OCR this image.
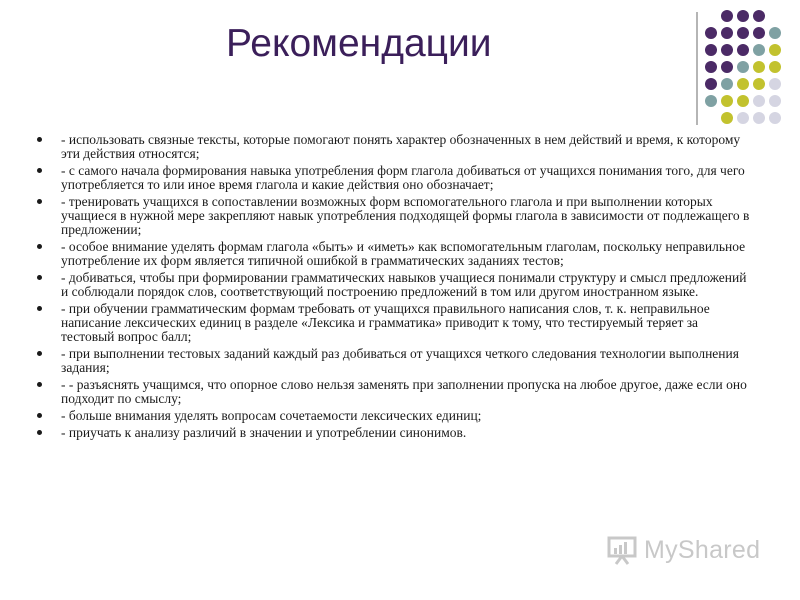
Рекомендации
- использовать связные тексты, которые помогают понять характер обозначенных в нем действий и время, к которому эти действия относятся;
- с самого начала формирования навыка употребления форм глагола добиваться от учащихся понимания того, для чего употребляется то или иное время глагола и какие действия оно обозначает;
- тренировать учащихся в сопоставлении возможных форм вспомогательного глагола и при выполнении которых учащиеся в нужной мере закрепляют навык употребления подходящей формы глагола в зависимости от подлежащего в предложении;
- особое внимание уделять формам глагола «быть» и «иметь» как вспомогательным глаголам, поскольку неправильное употребление их форм является типичной ошибкой в грамматических заданиях тестов;
- добиваться, чтобы при формировании грамматических навыков учащиеся понимали структуру и смысл предложений и соблюдали порядок слов, соответствующий построению предложений в том или другом иностранном языке.
- при обучении грамматическим формам требовать от учащихся правильного написания слов, т. к. неправильное написание лексических единиц в разделе «Лексика и грамматика» приводит к тому, что тестируемый теряет за тестовый вопрос балл;
- при выполнении тестовых заданий каждый раз добиваться от учащихся четкого следования технологии выполнения задания;
- - разъяснять учащимся, что опорное слово нельзя заменять при заполнении пропуска на любое другое, даже если оно подходит по смыслу;
- больше внимания уделять вопросам сочетаемости лексических единиц;
- приучать к анализу различий в значении и употреблении синонимов.
MyShared
